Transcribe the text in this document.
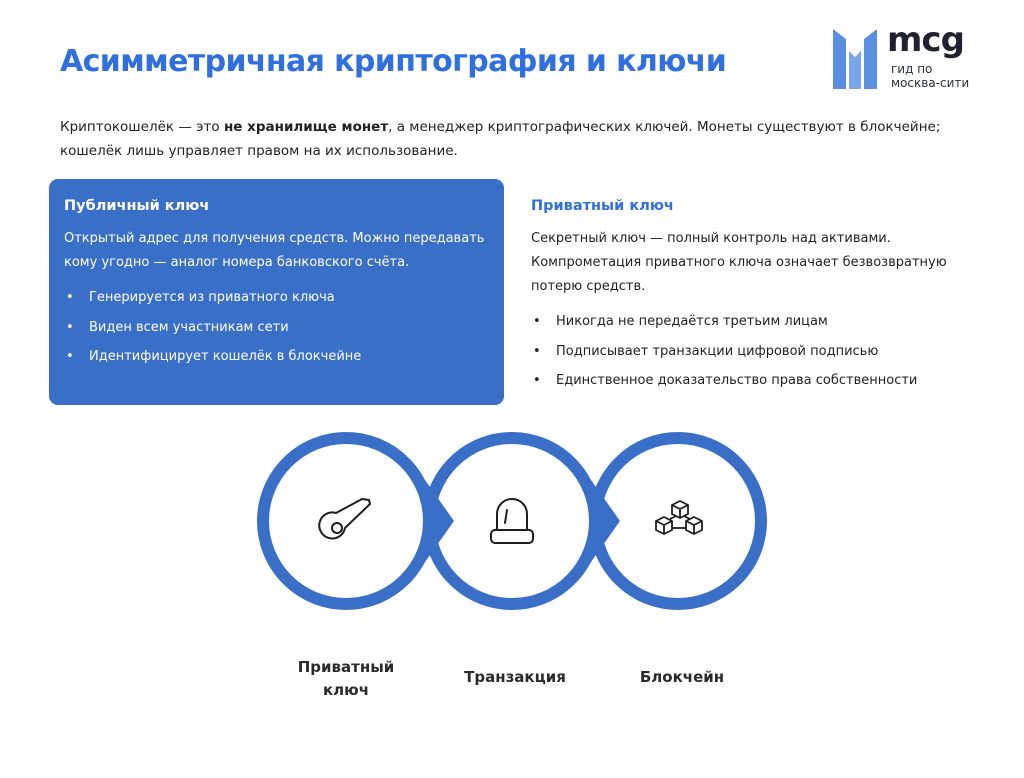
Асимметричная криптография и ключи
mcg
гид по
москва-сити

Криптокошелёк — это не хранилище монет, а менеджер криптографических ключей. Монеты существуют в блокчейне; кошелёк лишь управляет правом на их использование.

Публичный ключ

Открытый адрес для получения средств. Можно передавать кому угодно — аналог номера банковского счёта.

• Генерируется из приватного ключа
• Виден всем участникам сети
• Идентифицирует кошелёк в блокчейне
Приватный ключ

Секретный ключ — полный контроль над активами. Компрометация приватного ключа означает безвозвратную потерю средств.

• Никогда не передаётся третьим лицам
• Подписывает транзакции цифровой подписью
• Единственное доказательство права собственности
Приватный
ключ
Транзакция	Блокчейн
